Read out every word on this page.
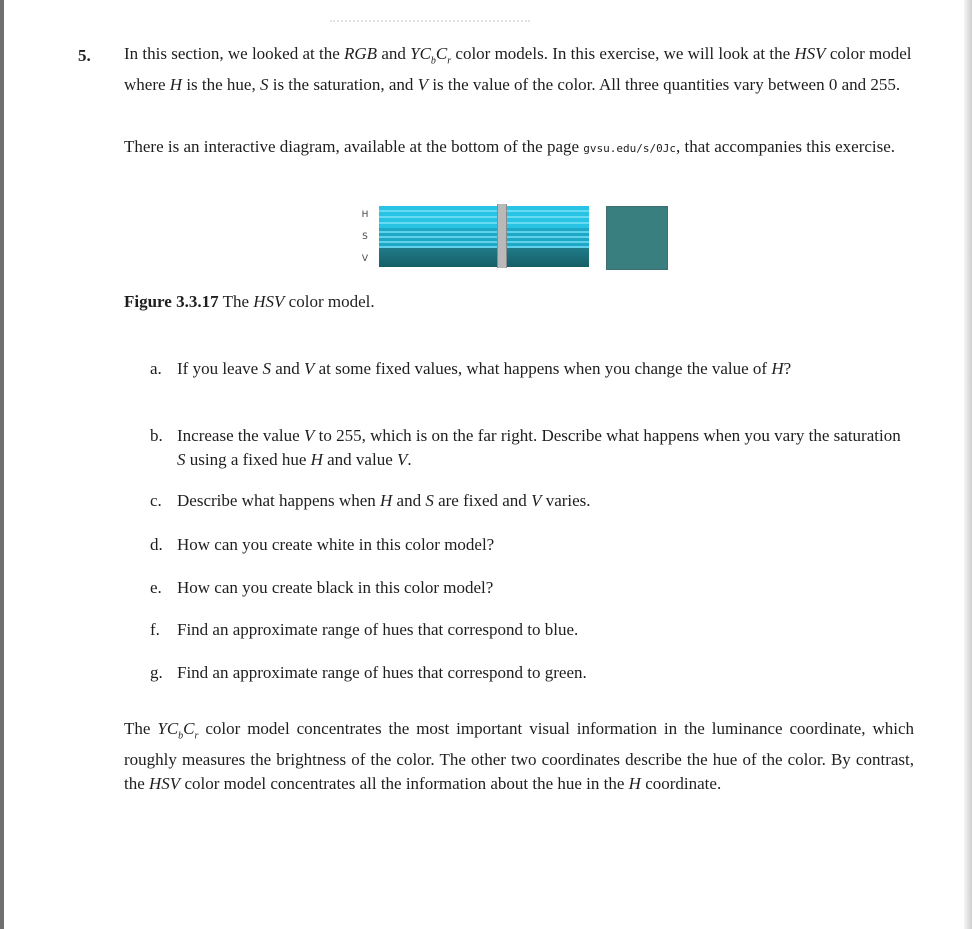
5. In this section, we looked at the RGB and $YC_bC_r$ color models. In this exercise, we will look at the HSV color model where H is the hue, S is the saturation, and V is the value of the color. All three quantities vary between 0 and 255.

There is an interactive diagram, available at the bottom of the page gvsu.edu/s/0Jc, that accompanies this exercise.

H
S
V
Figure 3.3.17 The HSV color model.

a. If you leave S and V at some fixed values, what happens when you change the value of H?

b. Increase the value V to 255, which is on the far right. Describe what happens when you vary the saturation S using a fixed hue H and value V.

c. Describe what happens when H and S are fixed and V varies.

d. How can you create white in this color model?

e. How can you create black in this color model?

f. Find an approximate range of hues that correspond to blue.

g. Find an approximate range of hues that correspond to green.

The $YC_bC_r$ color model concentrates the most important visual information in the luminance coordinate, which roughly measures the brightness of the color. The other two coordinates describe the hue of the color. By contrast, the HSV color model concentrates all the information about the hue in the H coordinate.
